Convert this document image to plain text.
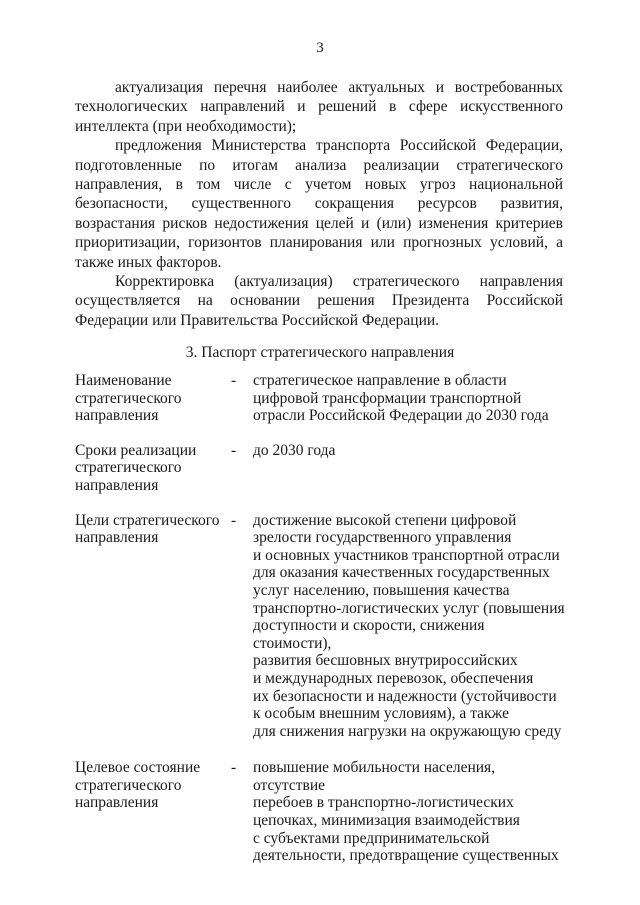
3

актуализация перечня наиболее актуальных и востребованных технологических направлений и решений в сфере искусственного интеллекта (при необходимости);

предложения Министерства транспорта Российской Федерации, подготовленные по итогам анализа реализации стратегического направления, в том числе с учетом новых угроз национальной безопасности, существенного сокращения ресурсов развития, возрастания рисков недостижения целей и (или) изменения критериев приоритизации, горизонтов планирования или прогнозных условий, а также иных факторов.

Корректировка (актуализация) стратегического направления осуществляется на основании решения Президента Российской Федерации или Правительства Российской Федерации.

3. Паспорт стратегического направления
Наименование стратегического направления
-	стратегическое направление в области
цифровой трансформации транспортной
отрасли Российской Федерации до 2030 года
Сроки реализации стратегического направления
-	до 2030 года
Цели стратегического направления
-	достижение высокой степени цифровой
зрелости государственного управления
и основных участников транспортной отрасли
для оказания качественных государственных
услуг населению, повышения качества
транспортно-логистических услуг (повышения
доступности и скорости, снижения стоимости),
развития бесшовных внутрироссийских
и международных перевозок, обеспечения
их безопасности и надежности (устойчивости
к особым внешним условиям), а также
для снижения нагрузки на окружающую среду
Целевое состояние стратегического направления
-	повышение мобильности населения, отсутствие
перебоев в транспортно-логистических
цепочках, минимизация взаимодействия
с субъектами предпринимательской
деятельности, предотвращение существенных
